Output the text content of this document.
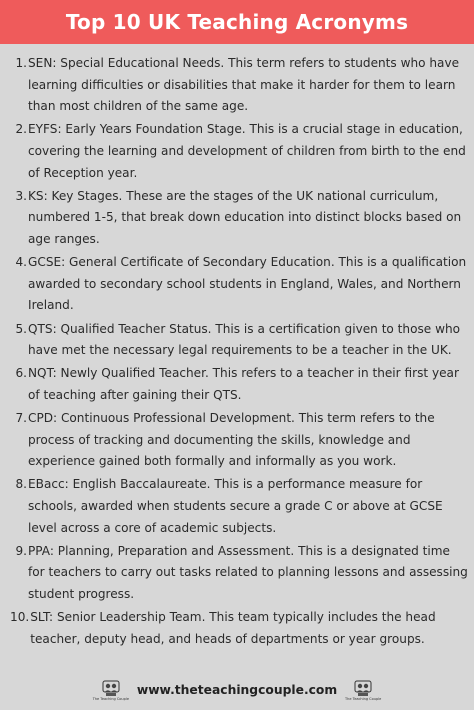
Top 10 UK Teaching Acronyms
1. SEN: Special Educational Needs. This term refers to students who have learning difficulties or disabilities that make it harder for them to learn than most children of the same age.
2. EYFS: Early Years Foundation Stage. This is a crucial stage in education, covering the learning and development of children from birth to the end of Reception year.
3. KS: Key Stages. These are the stages of the UK national curriculum, numbered 1-5, that break down education into distinct blocks based on age ranges.
4. GCSE: General Certificate of Secondary Education. This is a qualification awarded to secondary school students in England, Wales, and Northern Ireland.
5. QTS: Qualified Teacher Status. This is a certification given to those who have met the necessary legal requirements to be a teacher in the UK.
6. NQT: Newly Qualified Teacher. This refers to a teacher in their first year of teaching after gaining their QTS.
7. CPD: Continuous Professional Development. This term refers to the process of tracking and documenting the skills, knowledge and experience gained both formally and informally as you work.
8. EBacc: English Baccalaureate. This is a performance measure for schools, awarded when students secure a grade C or above at GCSE level across a core of academic subjects.
9. PPA: Planning, Preparation and Assessment. This is a designated time for teachers to carry out tasks related to planning lessons and assessing student progress.
10. SLT: Senior Leadership Team. This team typically includes the head teacher, deputy head, and heads of departments or year groups.
The Teaching Couple
www.theteachingcouple.com
The Teaching Couple
